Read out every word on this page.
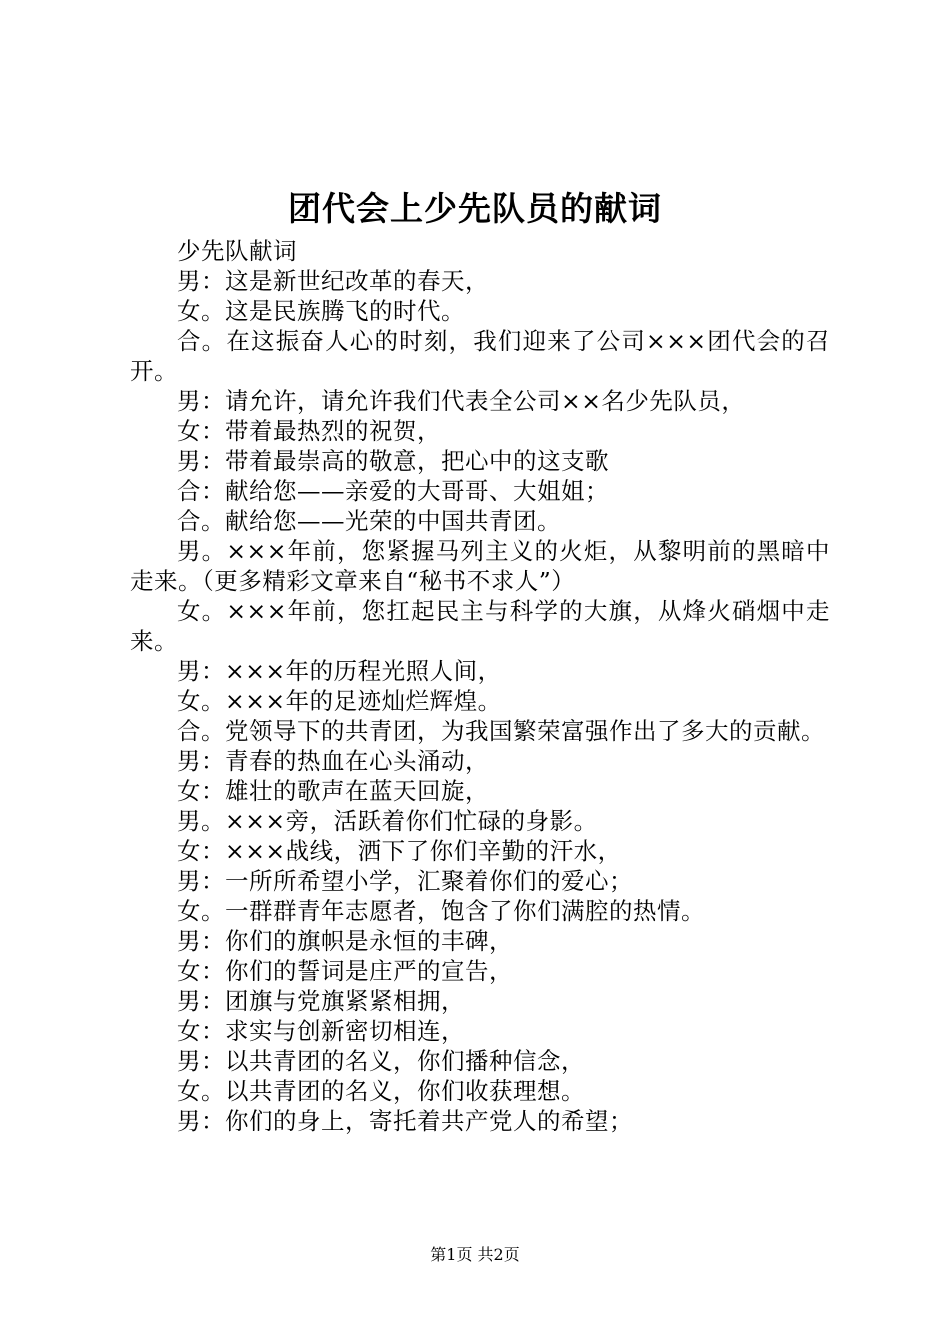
团代会上少先队员的献词

少先队献词

男：这是新世纪改革的春天，

女。这是民族腾飞的时代。

合。在这振奋人心的时刻，我们迎来了公司×××团代会的召开。

男：请允许，请允许我们代表全公司××名少先队员，

女：带着最热烈的祝贺，

男：带着最崇高的敬意，把心中的这支歌

合：献给您——亲爱的大哥哥、大姐姐；

合。献给您——光荣的中国共青团。

男。×××年前，您紧握马列主义的火炬，从黎明前的黑暗中走来。（更多精彩文章来自“秘书不求人”）

女。×××年前，您扛起民主与科学的大旗，从烽火硝烟中走来。

男：×××年的历程光照人间，

女。×××年的足迹灿烂辉煌。

合。党领导下的共青团，为我国繁荣富强作出了多大的贡献。

男：青春的热血在心头涌动，

女：雄壮的歌声在蓝天回旋，

男。×××旁，活跃着你们忙碌的身影。

女：×××战线，洒下了你们辛勤的汗水，

男：一所所希望小学，汇聚着你们的爱心；

女。一群群青年志愿者，饱含了你们满腔的热情。

男：你们的旗帜是永恒的丰碑，

女：你们的誓词是庄严的宣告，

男：团旗与党旗紧紧相拥，

女：求实与创新密切相连，

男：以共青团的名义，你们播种信念，

女。以共青团的名义，你们收获理想。

男：你们的身上，寄托着共产党人的希望；

第1页 共2页
